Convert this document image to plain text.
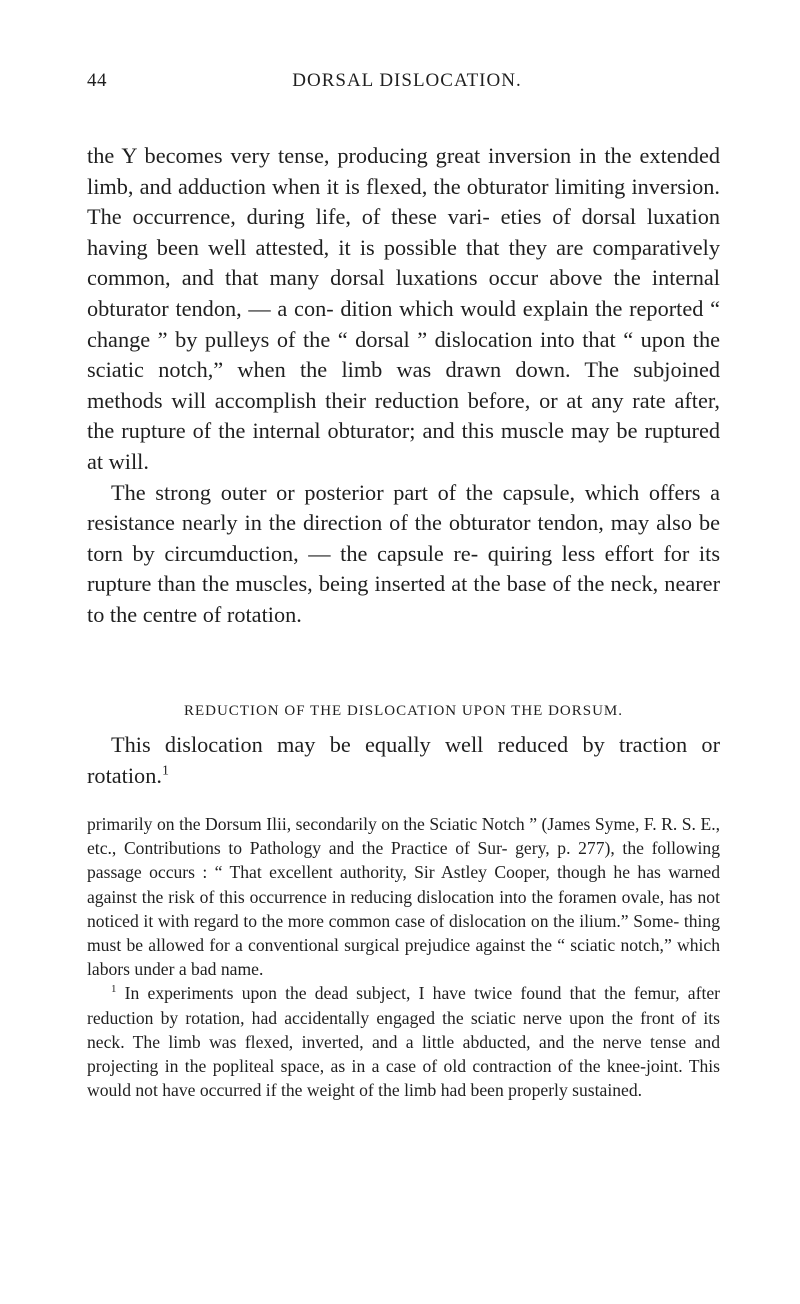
44	DORSAL DISLOCATION.

the Y becomes very tense, producing great inversion in the extended limb, and adduction when it is flexed, the obturator limiting inversion. The occurrence, during life, of these vari- eties of dorsal luxation having been well attested, it is possible that they are comparatively common, and that many dorsal luxations occur above the internal obturator tendon, — a con- dition which would explain the reported “ change ” by pulleys of the “ dorsal ” dislocation into that “ upon the sciatic notch,” when the limb was drawn down. The subjoined methods will accomplish their reduction before, or at any rate after, the rupture of the internal obturator; and this muscle may be ruptured at will.

The strong outer or posterior part of the capsule, which offers a resistance nearly in the direction of the obturator tendon, may also be torn by circumduction, — the capsule re- quiring less effort for its rupture than the muscles, being inserted at the base of the neck, nearer to the centre of rotation.

REDUCTION OF THE DISLOCATION UPON THE DORSUM.

This dislocation may be equally well reduced by traction or rotation.$^1$

primarily on the Dorsum Ilii, secondarily on the Sciatic Notch ” (James Syme, F. R. S. E., etc., Contributions to Pathology and the Practice of Sur- gery, p. 277), the following passage occurs : “ That excellent authority, Sir Astley Cooper, though he has warned against the risk of this occurrence in reducing dislocation into the foramen ovale, has not noticed it with regard to the more common case of dislocation on the ilium.” Some- thing must be allowed for a conventional surgical prejudice against the “ sciatic notch,” which labors under a bad name.

$^1$ In experiments upon the dead subject, I have twice found that the femur, after reduction by rotation, had accidentally engaged the sciatic nerve upon the front of its neck. The limb was flexed, inverted, and a little abducted, and the nerve tense and projecting in the popliteal space, as in a case of old contraction of the knee-joint. This would not have occurred if the weight of the limb had been properly sustained.
